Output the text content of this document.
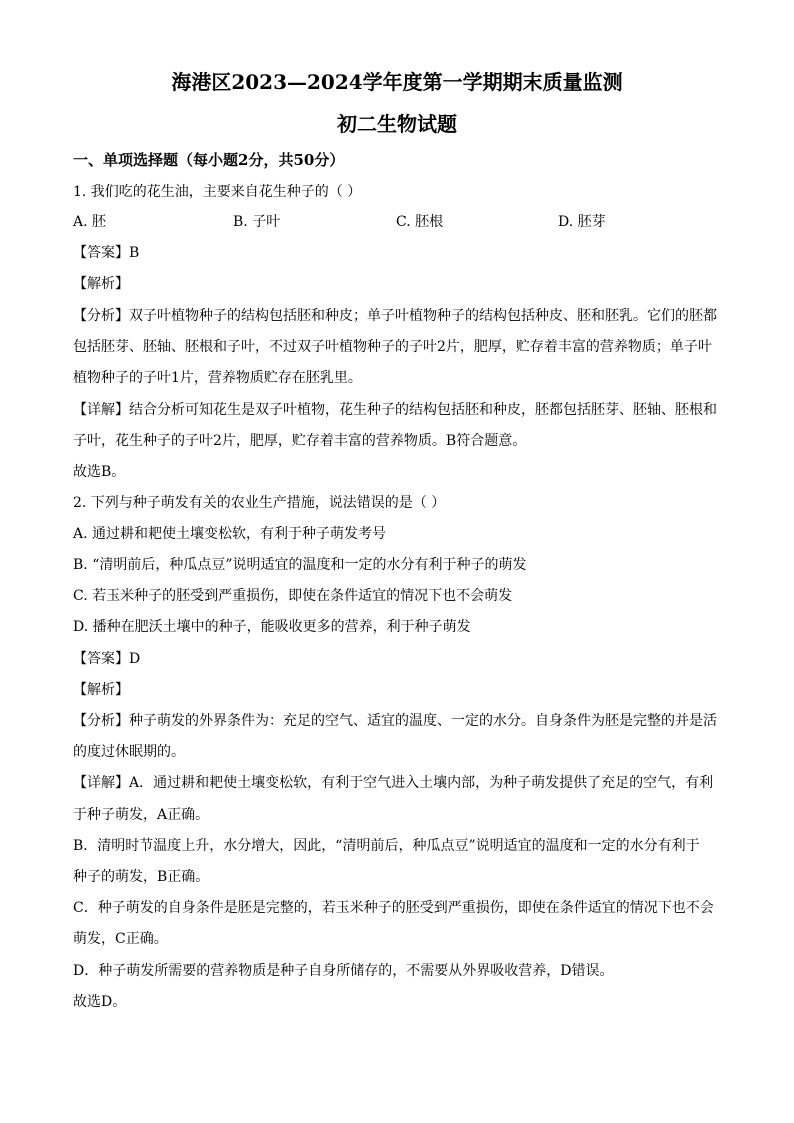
海港区2023—2024学年度第一学期期末质量监测
初二生物试题
一、单项选择题（每小题2分，共50分）
1. 我们吃的花生油，主要来自花生种子的（ ）
A. 胚	B. 子叶	C. 胚根	D. 胚芽
【答案】B
【解析】
【分析】双子叶植物种子的结构包括胚和种皮；单子叶植物种子的结构包括种皮、胚和胚乳。它们的胚都
包括胚芽、胚轴、胚根和子叶，不过双子叶植物种子的子叶2片，肥厚，贮存着丰富的营养物质；单子叶
植物种子的子叶1片，营养物质贮存在胚乳里。
【详解】结合分析可知花生是双子叶植物，花生种子的结构包括胚和种皮，胚都包括胚芽、胚轴、胚根和
子叶，花生种子的子叶2片，肥厚，贮存着丰富的营养物质。B符合题意。
故选B。
2. 下列与种子萌发有关的农业生产措施，说法错误的是（ ）
A. 通过耕和耙使土壤变松软，有利于种子萌发考号
B. “清明前后，种瓜点豆”说明适宜的温度和一定的水分有利于种子的萌发
C. 若玉米种子的胚受到严重损伤，即使在条件适宜的情况下也不会萌发
D. 播种在肥沃土壤中的种子，能吸收更多的营养，利于种子萌发
【答案】D
【解析】
【分析】种子萌发的外界条件为：充足的空气、适宜的温度、一定的水分。自身条件为胚是完整的并是活
的度过休眠期的。
【详解】A．通过耕和耙使土壤变松软，有利于空气进入土壤内部，为种子萌发提供了充足的空气，有利
于种子萌发，A正确。
B．清明时节温度上升，水分增大，因此，“清明前后，种瓜点豆”说明适宜的温度和一定的水分有利于
种子的萌发，B正确。
C．种子萌发的自身条件是胚是完整的，若玉米种子的胚受到严重损伤，即使在条件适宜的情况下也不会
萌发，C正确。
D．种子萌发所需要的营养物质是种子自身所储存的，不需要从外界吸收营养，D错误。
故选D。
